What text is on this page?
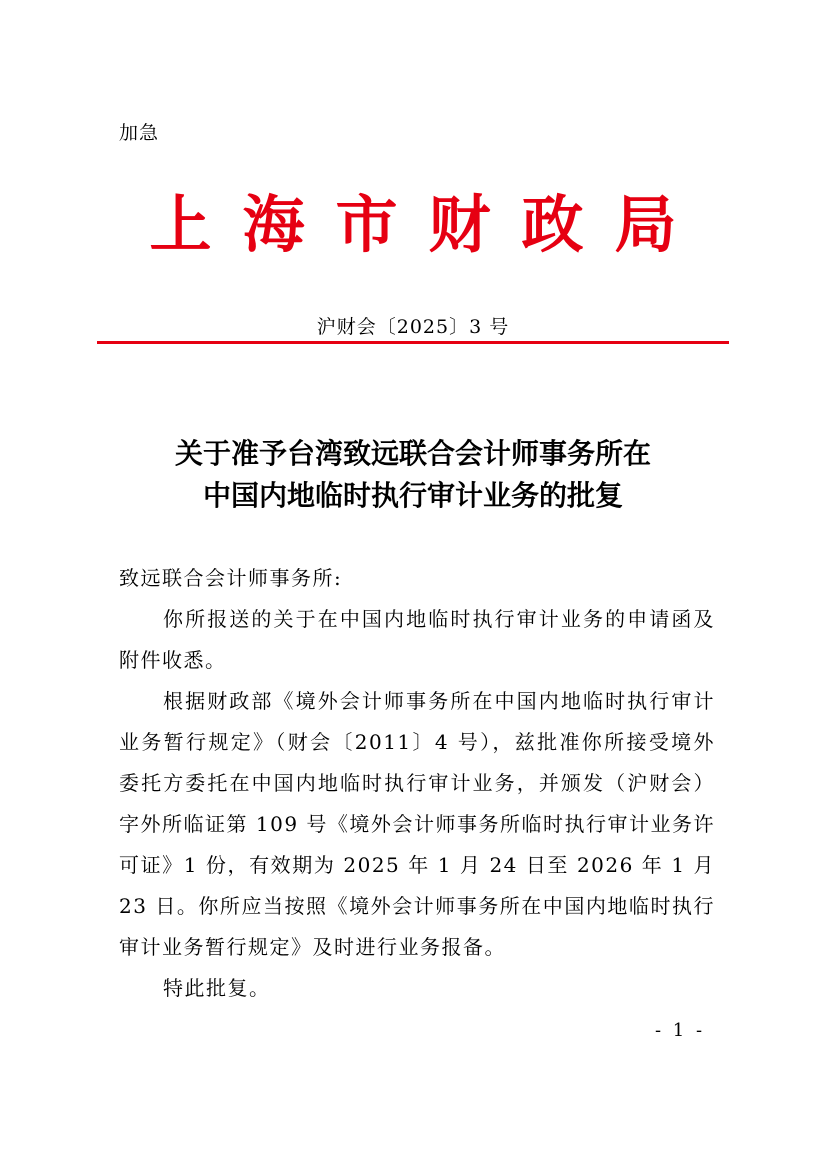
加急
上海市财政局
沪财会〔2025〕3 号
关于准予台湾致远联合会计师事务所在
中国内地临时执行审计业务的批复

致远联合会计师事务所:

你所报送的关于在中国内地临时执行审计业务的申请函及附件收悉。

根据财政部《境外会计师事务所在中国内地临时执行审计业务暂行规定》（财会〔2011〕4 号），兹批准你所接受境外委托方委托在中国内地临时执行审计业务，并颁发（沪财会）字外所临证第 109 号《境外会计师事务所临时执行审计业务许可证》1 份，有效期为 2025 年 1 月 24 日至 2026 年 1 月 23 日。你所应当按照《境外会计师事务所在中国内地临时执行审计业务暂行规定》及时进行业务报备。

特此批复。

- 1 -
